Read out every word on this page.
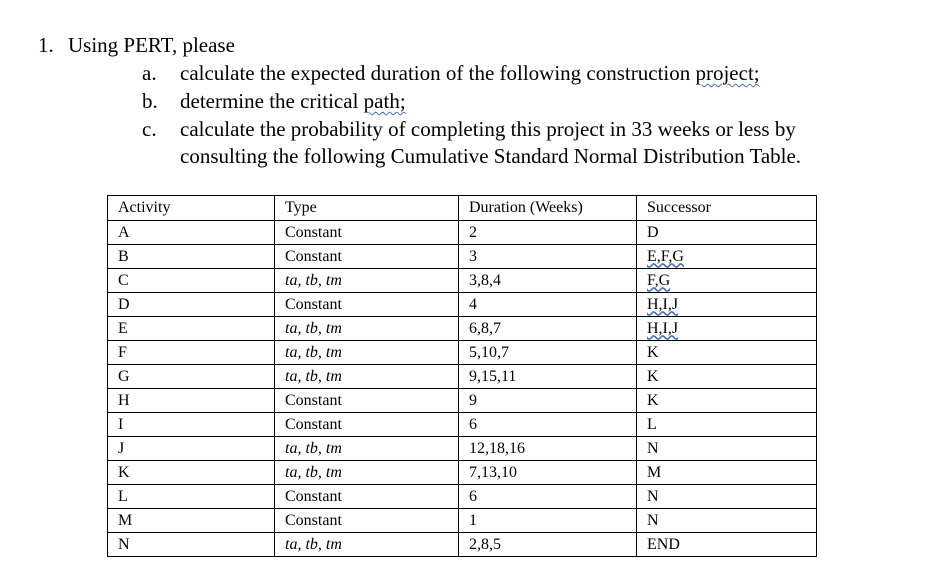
1. Using PERT, please
a. calculate the expected duration of the following construction project;
b. determine the critical path;
c. calculate the probability of completing this project in 33 weeks or less by
consulting the following Cumulative Standard Normal Distribution Table.
Activity	Type	Duration (Weeks)	Successor
A	Constant	2	D
B	Constant	3	E,F,G
C	ta, tb, tm	3,8,4	F,G
D	Constant	4	H,I,J
E	ta, tb, tm	6,8,7	H,I,J
F	ta, tb, tm	5,10,7	K
G	ta, tb, tm	9,15,11	K
H	Constant	9	K
I	Constant	6	L
J	ta, tb, tm	12,18,16	N
K	ta, tb, tm	7,13,10	M
L	Constant	6	N
M	Constant	1	N
N	ta, tb, tm	2,8,5	END
